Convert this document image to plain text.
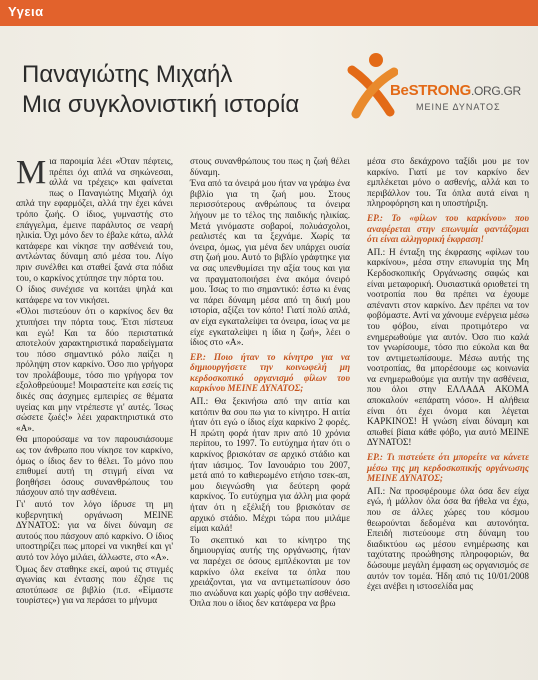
Υγεια
Παναγιώτης Μιχαήλ
Μια συγκλονιστική ιστορία
BeSTRONG.ORG.GR
ΜΕΙΝΕ ΔΥΝΑΤΟΣ

Μια παροιμία λέει «Όταν πέφτεις, πρέπει όχι απλά να σηκώνεσαι, αλλά να τρέχεις» και φαίνεται πως ο Παναγιώτης Μιχαήλ όχι απλά την εφαρμόζει, αλλά την έχει κάνει τρόπο ζωής. Ο ίδιος, γυμναστής στο επάγγελμα, έμεινε παράλυτος σε νεαρή ηλικία. Όχι μόνο δεν το έβαλε κάτω, αλλά κατάφερε και νίκησε την ασθένειά του, αντλώντας δύναμη από μέσα του. Λίγο πριν συνέλθει και σταθεί ξανά στα πόδια του, ο καρκίνος χτύπησε την πόρτα του.

Ο ίδιος συνέχισε να κοιτάει ψηλά και κατάφερε να τον νικήσει.

«Όλοι πιστεύουν ότι ο καρκίνος δεν θα χτυπήσει την πόρτα τους. Έτσι πίστευα και εγώ! Και τα δύο περιστατικά αποτελούν χαρακτηριστικά παραδείγματα του πόσο σημαντικό ρόλο παίζει η πρόληψη στον καρκίνο. Όσο πιο γρήγορα τον προλάβουμε, τόσο πιο γρήγορα τον εξολοθρεύουμε! Μοιραστείτε και εσείς τις δικές σας άσχημες εμπειρίες σε θέματα υγείας και μην ντρέπεστε γι' αυτές. Ίσως σώσετε ζωές!» λέει χαρακτηριστικά στο «Α».

Θα μπορούσαμε να τον παρουσιάσουμε ως τον άνθρωπο που νίκησε τον καρκίνο, όμως ο ίδιος δεν το θέλει. Το μόνο που επιθυμεί αυτή τη στιγμή είναι να βοηθήσει όσους συνανθρώπους του πάσχουν από την ασθένεια.

Γι' αυτό τον λόγο ίδρυσε τη μη κυβερνητική οργάνωση ΜΕΙΝΕ ΔΥΝΑΤΟΣ: για να δίνει δύναμη σε αυτούς που πάσχουν από καρκίνο. Ο ίδιος υποστηρίζει πως μπορεί να νικηθεί και γι' αυτό τον λόγο μιλάει, άλλωστε, στο «Α».

Όμως δεν σταθηκε εκεί, αφού τις στιγμές αγωνίας και έντασης που έζησε τις αποτύπωσε σε βιβλίο (π.σ. «Είμαστε τουρίστες») για να περάσει το μήνυμα

στους συνανθρώπους του πως η ζωή θέλει δύναμη.

Ένα από τα όνειρά μου ήταν να γράψω ένα βιβλίο για τη ζωή μου. Στους περισσότερους ανθρώπους τα όνειρα λήγουν με το τέλος της παιδικής ηλικίας. Μετά γινόμαστε σοβαροί, πολυάσχολοι, ρεαλιστές και τα ξεχνάμε. Χωρίς τα όνειρα, όμως, για μένα δεν υπάρχει ουσία στη ζωή μου. Αυτό το βιβλίο γράφτηκε για να σας υπενθυμίσει την αξία τους και για να πραγματοποιήσει ένα ακόμα όνειρό μου. Ίσως το πιο σημαντικό: έστω κι ένας να πάρει δύναμη μέσα από τη δική μου ιστορία, αξίζει τον κόπο! Γιατί πολύ απλά, αν είχα εγκαταλείψει τα όνειρα, ίσως να με είχε εγκαταλείψει η ίδια η ζωή», λέει ο ίδιος στο «Α».

ΕΡ.: Ποιο ήταν το κίνητρο για να δημιουργήσετε την κοινωφελή μη κερδοσκοπικό οργανισμό φίλων του καρκίνου ΜΕΙΝΕ ΔΥΝΑΤΟΣ;

ΑΠ.: Θα ξεκινήσω από την αιτία και κατόπιν θα σου πω για το κίνητρο. Η αιτία ήταν ότι εγώ ο ίδιος είχα καρκίνο 2 φορές. Η πρώτη φορά ήταν πριν από 10 χρόνια περίπου, το 1997. Το ευτύχημα ήταν ότι ο καρκίνος βρισκόταν σε αρχικό στάδιο και ήταν ιάσιμος. Τον Ιανουάριο του 2007, μετά από το καθιερωμένο ετήσιο τσεκ-απ, μου διεγνώσθη για δεύτερη φορά καρκίνος. Το ευτύχημα για άλλη μια φορά ήταν ότι η εξέλιξή του βρισκόταν σε αρχικό στάδιο. Μέχρι τώρα που μιλάμε είμαι καλά!

Το σκεπτικό και το κίνητρο της δημιουργίας αυτής της οργάνωσης, ήταν να παρέχει σε όσους εμπλέκονται με τον καρκίνο όλα εκείνα τα όπλα που χρειάζονται, για να αντιμετωπίσουν όσο πιο ανώδυνα και χωρίς φόβο την ασθένεια. Όπλα που ο ίδιος δεν κατάφερα να βρω

μέσα στο δεκάχρονο ταξίδι μου με τον καρκίνο. Γιατί με τον καρκίνο δεν εμπλέκεται μόνο ο ασθενής, αλλά και το περιβάλλον του. Τα όπλα αυτά είναι η πληροφόρηση και η υποστήριξη.

ΕΡ.: Το «φίλων του καρκίνου» που αναφέρεται στην επωνυμία φαντάζομαι ότι είναι αλληγορική έκφραση!

ΑΠ.: Η ένταξη της έκφρασης «φίλων του καρκίνου», μέσα στην επωνυμία της Μη Κερδοσκοπικής Οργάνωσης σαφώς και είναι μεταφορική. Ουσιαστικά οριοθετεί τη νοοτροπία που θα πρέπει να έχουμε απέναντι στον καρκίνο. Δεν πρέπει να τον φοβόμαστε. Αντί να χάνουμε ενέργεια μέσω του φόβου, είναι προτιμότερο να ενημερωθούμε για αυτόν. Όσο πιο καλά τον γνωρίσουμε, τόσο πιο εύκολα και θα τον αντιμετωπίσουμε. Μέσω αυτής της νοοτροπίας, θα μπορέσουμε ως κοινωνία να ενημερωθούμε για αυτήν την ασθένεια, που όλοι στην ΕΛΛΑΔΑ ΑΚΟΜΑ αποκαλούν «επάρατη νόσο». Η αλήθεια είναι ότι έχει όνομα και λέγεται ΚΑΡΚΙΝΟΣ! Η γνώση είναι δύναμη και απωθεί βίαια κάθε φόβο, για αυτό ΜΕΙΝΕ ΔΥΝΑΤΟΣ!

ΕΡ.: Τι πιστεύετε ότι μπορείτε να κάνετε μέσω της μη κερδοσκοπικής οργάνωσης ΜΕΙΝΕ ΔΥΝΑΤΟΣ;

ΑΠ.: Να προσφέρουμε όλα όσα δεν είχα εγώ, ή μάλλον όλα όσα θα ήθελα να έχω, που σε άλλες χώρες του κόσμου θεωρούνται δεδομένα και αυτονόητα. Επειδή πιστεύουμε στη δύναμη του διαδικτύου ως μέσου ενημέρωσης και ταχύτατης προώθησης πληροφοριών, θα δώσουμε μεγάλη έμφαση ως οργανισμός σε αυτόν τον τομέα. Ήδη από τις 10/01/2008 έχει ανέβει η ιστοσελίδα μας
